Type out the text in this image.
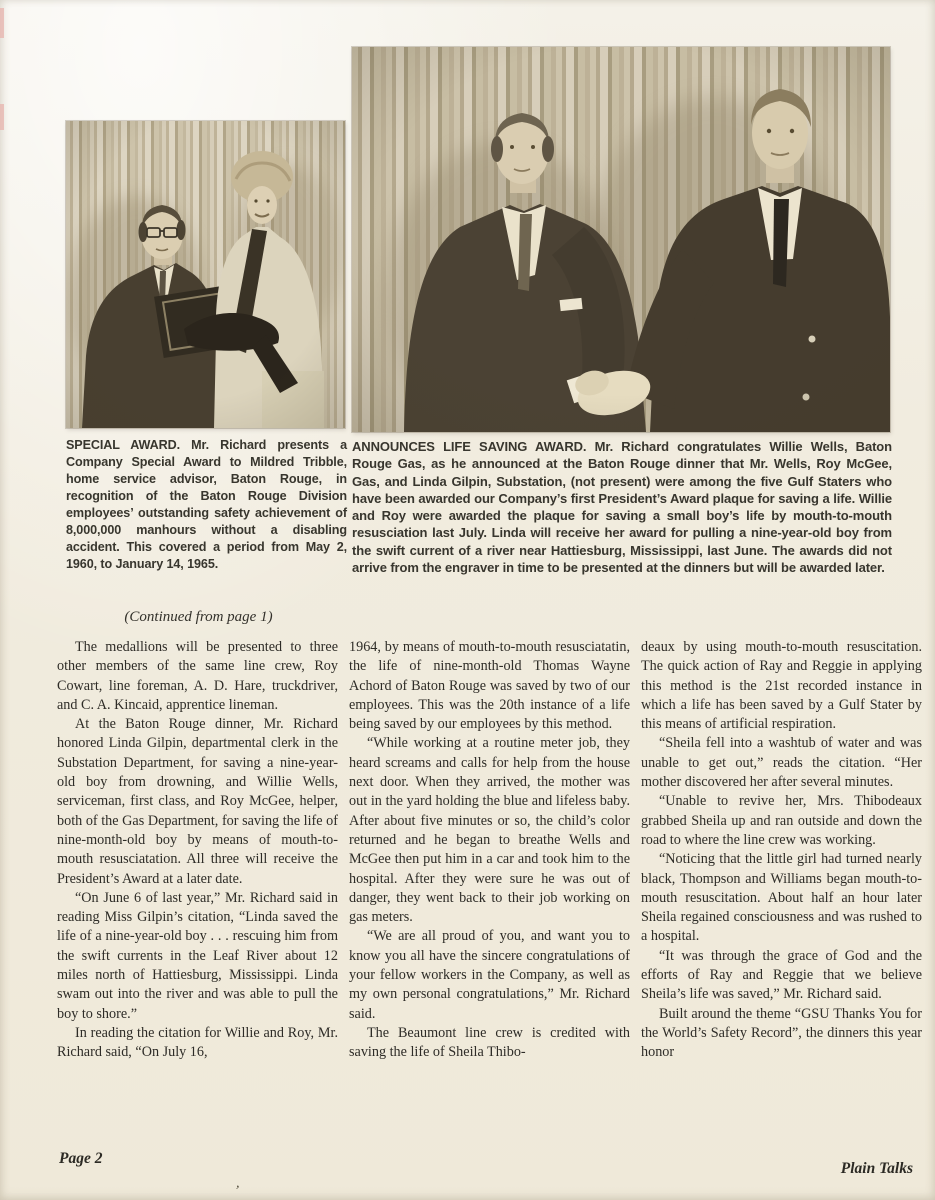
SPECIAL AWARD. Mr. Richard presents a Company Special Award to Mildred Tribble, home service advisor, Baton Rouge, in recognition of the Baton Rouge Division employees’ outstanding safety achievement of 8,000,000 manhours without a disabling accident. This covered a period from May 2, 1960, to January 14, 1965.
ANNOUNCES LIFE SAVING AWARD. Mr. Richard congratulates Willie Wells, Baton Rouge Gas, as he announced at the Baton Rouge dinner that Mr. Wells, Roy McGee, Gas, and Linda Gilpin, Substation, (not present) were among the five Gulf Staters who have been awarded our Company’s first President’s Award plaque for saving a life. Willie and Roy were awarded the plaque for saving a small boy’s life by mouth-to-mouth resusciation last July. Linda will receive her award for pulling a nine-year-old boy from the swift current of a river near Hattiesburg, Mississippi, last June. The awards did not arrive from the engraver in time to be presented at the dinners but will be awarded later.
(Continued from page 1)

The medallions will be presented to three other members of the same line crew, Roy Cowart, line foreman, A. D. Hare, truckdriver, and C. A. Kincaid, apprentice lineman.

At the Baton Rouge dinner, Mr. Richard honored Linda Gilpin, departmental clerk in the Substation Department, for saving a nine-year-old boy from drowning, and Willie Wells, serviceman, first class, and Roy McGee, helper, both of the Gas Department, for saving the life of nine-month-old boy by means of mouth-to-mouth resusciatation. All three will receive the President’s Award at a later date.

“On June 6 of last year,” Mr. Richard said in reading Miss Gilpin’s citation, “Linda saved the life of a nine-year-old boy . . . rescuing him from the swift currents in the Leaf River about 12 miles north of Hattiesburg, Mississippi. Linda swam out into the river and was able to pull the boy to shore.”

In reading the citation for Willie and Roy, Mr. Richard said, “On July 16,

1964, by means of mouth-to-mouth resusciatatin, the life of nine-month-old Thomas Wayne Achord of Baton Rouge was saved by two of our employees. This was the 20th instance of a life being saved by our employees by this method.

“While working at a routine meter job, they heard screams and calls for help from the house next door. When they arrived, the mother was out in the yard holding the blue and lifeless baby. After about five minutes or so, the child’s color returned and he began to breathe Wells and McGee then put him in a car and took him to the hospital. After they were sure he was out of danger, they went back to their job working on gas meters.

“We are all proud of you, and want you to know you all have the sincere congratulations of your fellow workers in the Company, as well as my own personal congratulations,” Mr. Richard said.

The Beaumont line crew is credited with saving the life of Sheila Thibo-

deaux by using mouth-to-mouth resuscitation. The quick action of Ray and Reggie in applying this method is the 21st recorded instance in which a life has been saved by a Gulf Stater by this means of artificial respiration.

“Sheila fell into a washtub of water and was unable to get out,” reads the citation. “Her mother discovered her after several minutes.

“Unable to revive her, Mrs. Thibodeaux grabbed Sheila up and ran outside and down the road to where the line crew was working.

“Noticing that the little girl had turned nearly black, Thompson and Williams began mouth-to-mouth resuscitation. About half an hour later Sheila regained consciousness and was rushed to a hospital.

“It was through the grace of God and the efforts of Ray and Reggie that we believe Sheila’s life was saved,” Mr. Richard said.

Built around the theme “GSU Thanks You for the World’s Safety Record”, the dinners this year honor

Page 2
Plain Talks
‚
